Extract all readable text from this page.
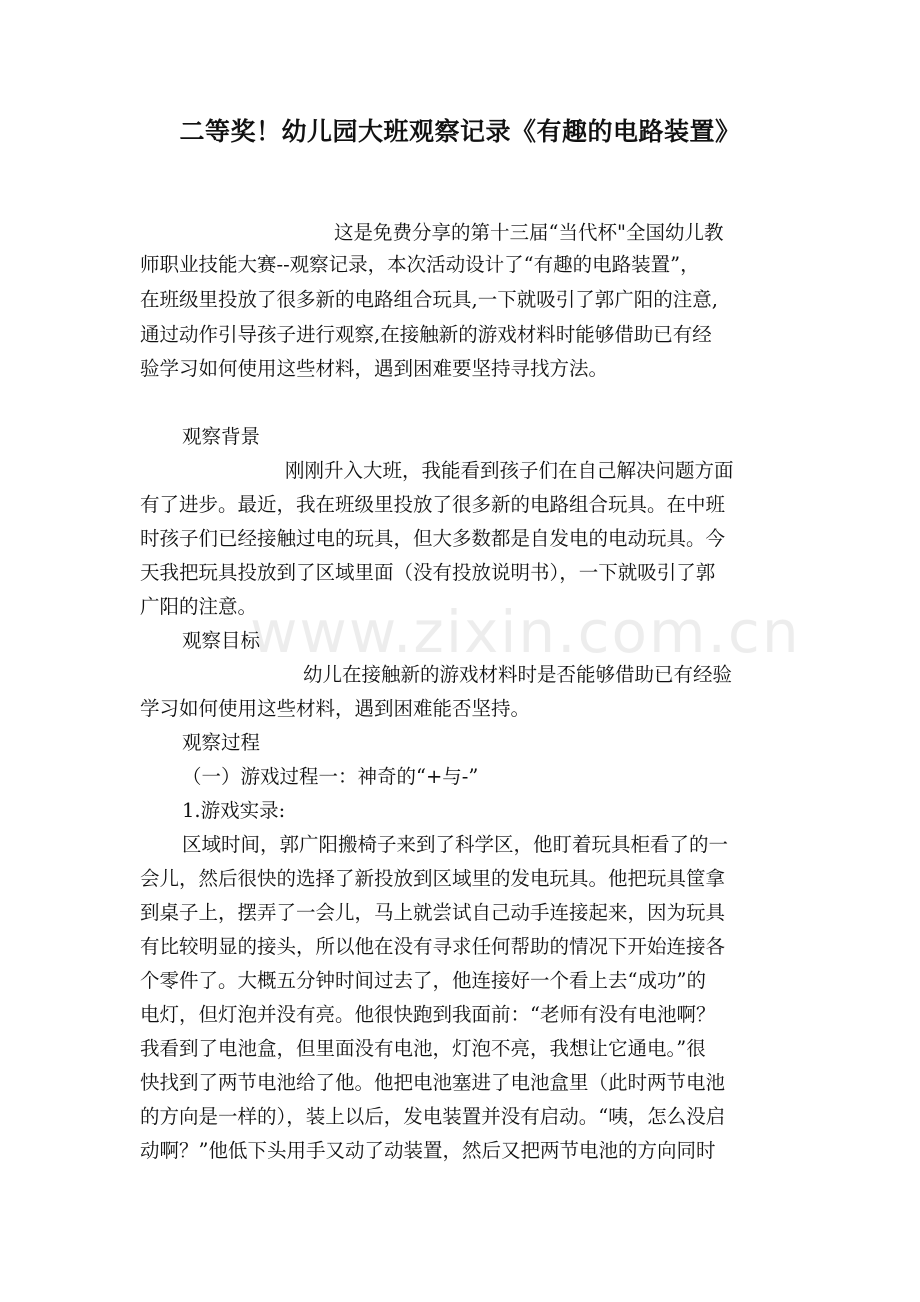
www.zixin.com.cn
二等奖！幼儿园大班观察记录《有趣的电路装置》
这是免费分享的第十三届“当代杯"全国幼儿教
师职业技能大赛--观察记录，本次活动设计了“有趣的电路装置”，
在班级里投放了很多新的电路组合玩具,一下就吸引了郭广阳的注意,
通过动作引导孩子进行观察,在接触新的游戏材料时能够借助已有经
验学习如何使用这些材料，遇到困难要坚持寻找方法。
观察背景
刚刚升入大班，我能看到孩子们在自己解决问题方面
有了进步。最近，我在班级里投放了很多新的电路组合玩具。在中班
时孩子们已经接触过电的玩具，但大多数都是自发电的电动玩具。今
天我把玩具投放到了区域里面（没有投放说明书），一下就吸引了郭
广阳的注意。
观察目标
幼儿在接触新的游戏材料时是否能够借助已有经验
学习如何使用这些材料，遇到困难能否坚持。
观察过程
（一）游戏过程一：神奇的“+与-”
1.游戏实录:
区域时间，郭广阳搬椅子来到了科学区，他盯着玩具柜看了的一
会儿，然后很快的选择了新投放到区域里的发电玩具。他把玩具筐拿
到桌子上，摆弄了一会儿，马上就尝试自己动手连接起来，因为玩具
有比较明显的接头，所以他在没有寻求任何帮助的情况下开始连接各
个零件了。大概五分钟时间过去了，他连接好一个看上去“成功”的
电灯，但灯泡并没有亮。他很快跑到我面前：“老师有没有电池啊？
我看到了电池盒，但里面没有电池，灯泡不亮，我想让它通电。”很
快找到了两节电池给了他。他把电池塞进了电池盒里（此时两节电池
的方向是一样的），装上以后，发电装置并没有启动。“咦，怎么没启
动啊？”他低下头用手又动了动装置，然后又把两节电池的方向同时
